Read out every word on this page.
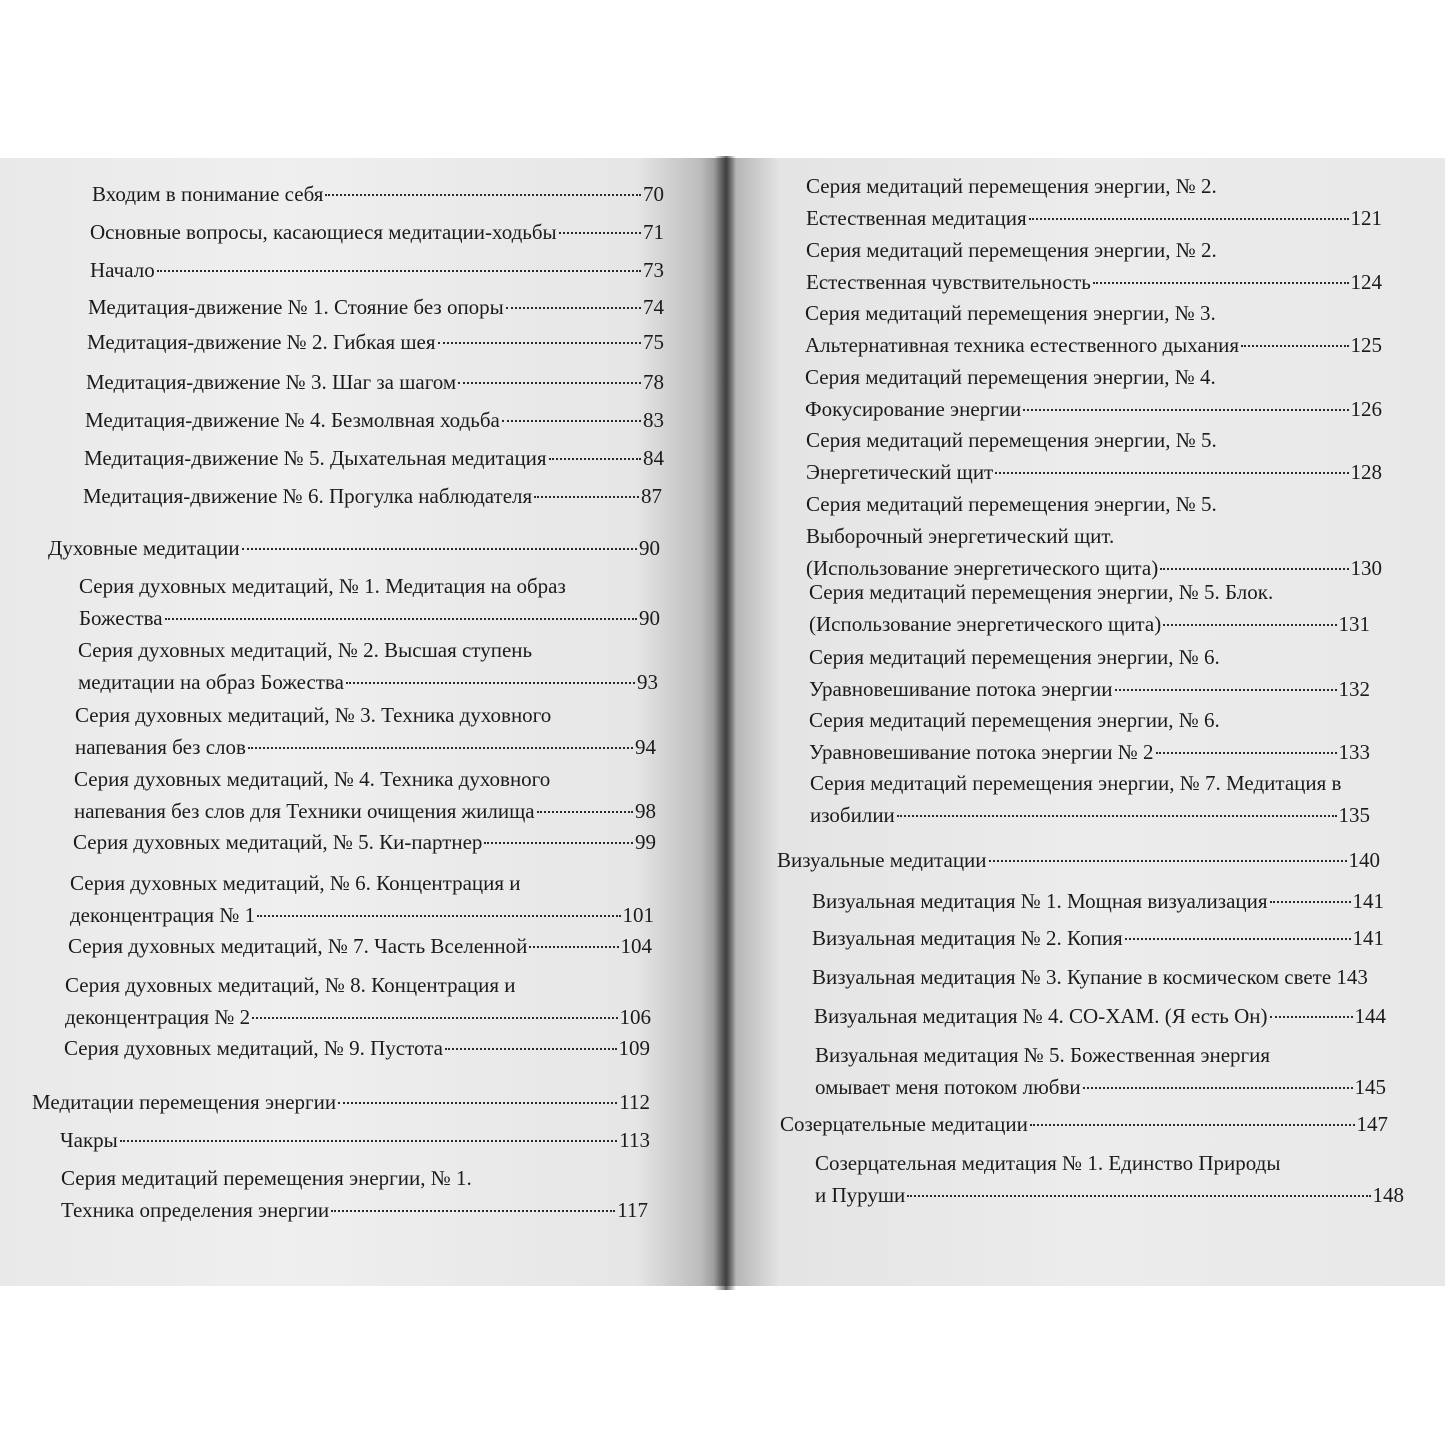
Входим в понимание себя	70
Основные вопросы, касающиеся медитации-ходьбы	71
Начало	73
Медитация-движение № 1. Стояние без опоры	74
Медитация-движение № 2. Гибкая шея	75
Медитация-движение № 3. Шаг за шагом	78
Медитация-движение № 4. Безмолвная ходьба	83
Медитация-движение № 5. Дыхательная медитация	84
Медитация-движение № 6. Прогулка наблюдателя	87
Духовные медитации	90
Серия духовных медитаций, № 1. Медитация на образ
Божества	90
Серия духовных медитаций, № 2. Высшая ступень
медитации на образ Божества	93
Серия духовных медитаций, № 3. Техника духовного
напевания без слов	94
Серия духовных медитаций, № 4. Техника духовного
напевания без слов для Техники очищения жилища	98
Серия духовных медитаций, № 5. Ки-партнер	99
Серия духовных медитаций, № 6. Концентрация и
деконцентрация № 1	101
Серия духовных медитаций, № 7. Часть Вселенной	104
Серия духовных медитаций, № 8. Концентрация и
деконцентрация № 2	106
Серия духовных медитаций, № 9. Пустота	109
Медитации перемещения энергии	112
Чакры	113
Серия медитаций перемещения энергии, № 1.
Техника определения энергии	117
Серия медитаций перемещения энергии, № 2.
Естественная медитация	121
Серия медитаций перемещения энергии, № 2.
Естественная чувствительность	124
Серия медитаций перемещения энергии, № 3.
Альтернативная техника естественного дыхания	125
Серия медитаций перемещения энергии, № 4.
Фокусирование энергии	126
Серия медитаций перемещения энергии, № 5.
Энергетический щит	128
Серия медитаций перемещения энергии, № 5.
Выборочный энергетический щит.
(Использование энергетического щита)	130
Серия медитаций перемещения энергии, № 5. Блок.
(Использование энергетического щита)	131
Серия медитаций перемещения энергии, № 6.
Уравновешивание потока энергии	132
Серия медитаций перемещения энергии, № 6.
Уравновешивание потока энергии № 2	133
Серия медитаций перемещения энергии, № 7. Медитация в
изобилии	135
Визуальные медитации	140
Визуальная медитация № 1. Мощная визуализация	141
Визуальная медитация № 2. Копия	141
Визуальная медитация № 3. Купание в космическом свете 143
Визуальная медитация № 4. СО-ХАМ. (Я есть Он)	144
Визуальная медитация № 5. Божественная энергия
омывает меня потоком любви	145
Созерцательные медитации	147
Созерцательная медитация № 1. Единство Природы
и Пуруши	148
